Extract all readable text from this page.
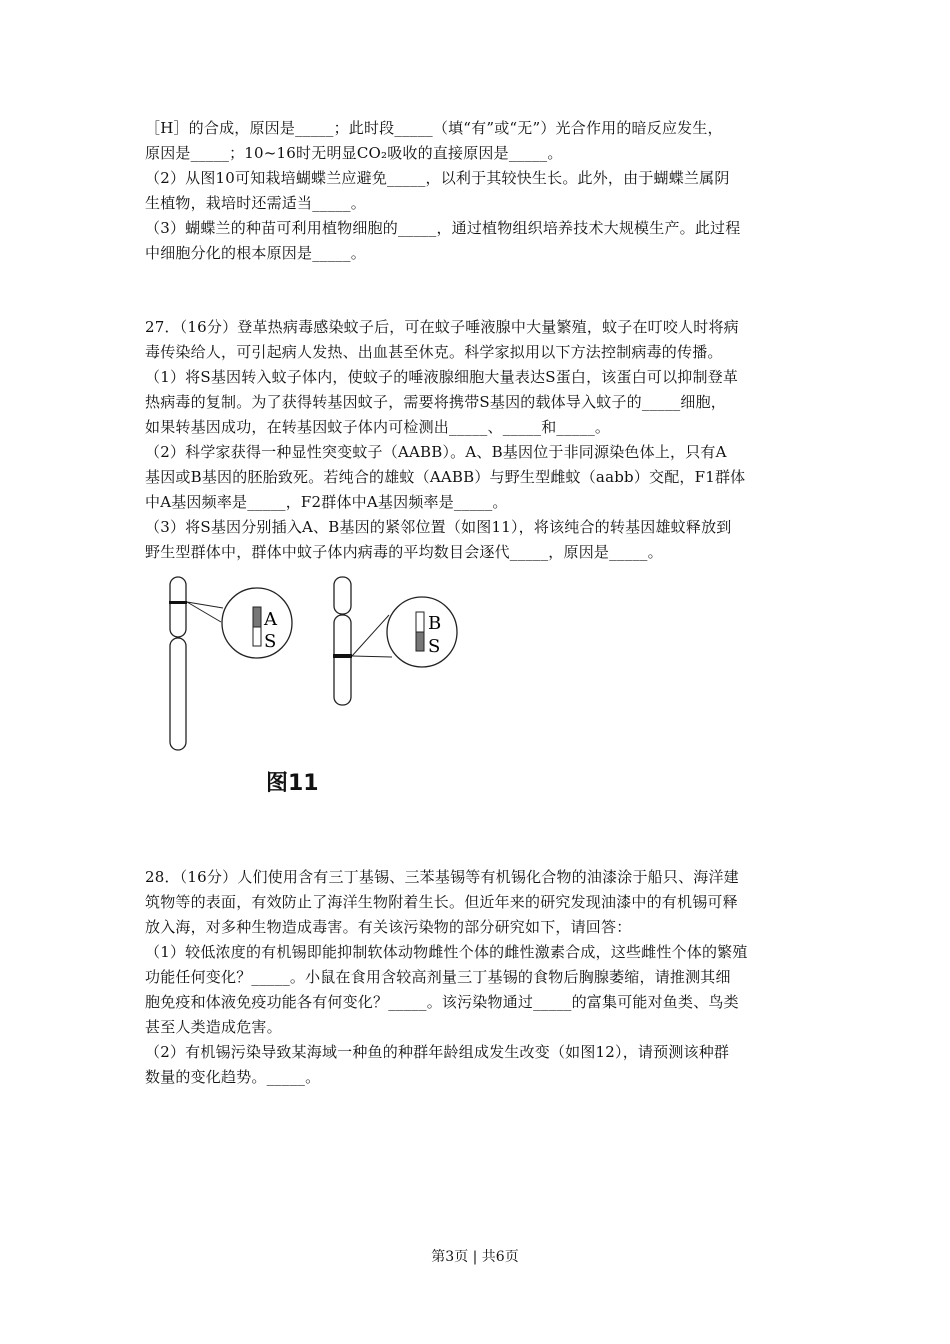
［H］的合成，原因是_____；此时段_____（填“有”或“无”）光合作用的暗反应发生，
原因是_____；10~16时无明显CO₂吸收的直接原因是_____。
（2）从图10可知栽培蝴蝶兰应避免_____，以利于其较快生长。此外，由于蝴蝶兰属阴
生植物，栽培时还需适当_____。
（3）蝴蝶兰的种苗可利用植物细胞的_____，通过植物组织培养技术大规模生产。此过程
中细胞分化的根本原因是_____。
27．（16分）登革热病毒感染蚊子后，可在蚊子唾液腺中大量繁殖，蚊子在叮咬人时将病
毒传染给人，可引起病人发热、出血甚至休克。科学家拟用以下方法控制病毒的传播。
（1）将S基因转入蚊子体内，使蚊子的唾液腺细胞大量表达S蛋白，该蛋白可以抑制登革
热病毒的复制。为了获得转基因蚊子，需要将携带S基因的载体导入蚊子的_____细胞，
如果转基因成功，在转基因蚊子体内可检测出_____、_____和_____。
（2）科学家获得一种显性突变蚊子（AABB）。A、B基因位于非同源染色体上，只有A
基因或B基因的胚胎致死。若纯合的雄蚊（AABB）与野生型雌蚊（aabb）交配，F1群体
中A基因频率是_____，F2群体中A基因频率是_____。
（3）将S基因分别插入A、B基因的紧邻位置（如图11），将该纯合的转基因雄蚊释放到
野生型群体中，群体中蚊子体内病毒的平均数目会逐代_____，原因是_____。
A
S
B
S
图11
28．（16分）人们使用含有三丁基锡、三苯基锡等有机锡化合物的油漆涂于船只、海洋建
筑物等的表面，有效防止了海洋生物附着生长。但近年来的研究发现油漆中的有机锡可释
放入海，对多种生物造成毒害。有关该污染物的部分研究如下，请回答：
（1）较低浓度的有机锡即能抑制软体动物雌性个体的雌性激素合成，这些雌性个体的繁殖
功能任何变化？_____。小鼠在食用含较高剂量三丁基锡的食物后胸腺萎缩，请推测其细
胞免疫和体液免疫功能各有何变化？_____。该污染物通过_____的富集可能对鱼类、鸟类
甚至人类造成危害。
（2）有机锡污染导致某海域一种鱼的种群年龄组成发生改变（如图12），请预测该种群
数量的变化趋势。_____。
第3页 | 共6页
